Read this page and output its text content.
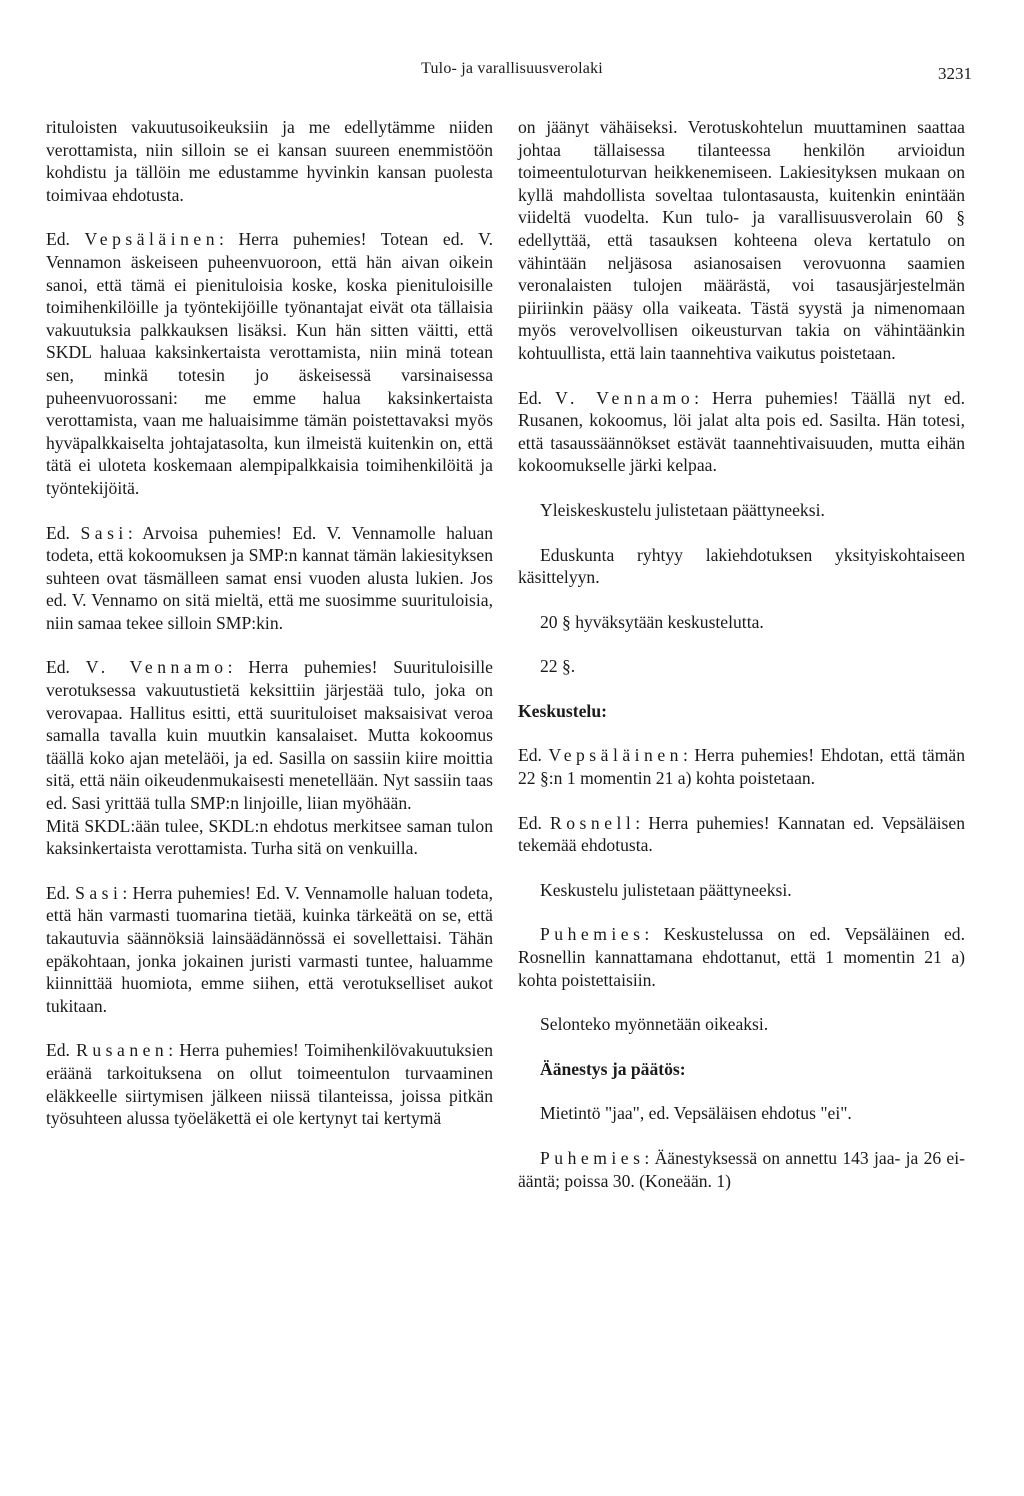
Tulo- ja varallisuusverolaki	3231

rituloisten vakuutusoikeuksiin ja me edellytämme niiden verottamista, niin silloin se ei kansan suureen enemmistöön kohdistu ja tällöin me edustamme hyvinkin kansan puolesta toimivaa ehdotusta.

Ed. Vepsäläinen: Herra puhemies! Totean ed. V. Vennamon äskeiseen puheenvuoroon, että hän aivan oikein sanoi, että tämä ei pienituloisia koske, koska pienituloisille toimihenkilöille ja työntekijöille työnantajat eivät ota tällaisia vakuutuksia palkkauksen lisäksi. Kun hän sitten väitti, että SKDL haluaa kaksinkertaista verottamista, niin minä totean sen, minkä totesin jo äskeisessä varsinaisessa puheenvuorossani: me emme halua kaksinkertaista verottamista, vaan me haluaisimme tämän poistettavaksi myös hyväpalkkaiselta johtajatasolta, kun ilmeistä kuitenkin on, että tätä ei uloteta koskemaan alempipalkkaisia toimihenkilöitä ja työntekijöitä.

Ed. Sasi: Arvoisa puhemies! Ed. V. Vennamolle haluan todeta, että kokoomuksen ja SMP:n kannat tämän lakiesityksen suhteen ovat täsmälleen samat ensi vuoden alusta lukien. Jos ed. V. Vennamo on sitä mieltä, että me suosimme suurituloisia, niin samaa tekee silloin SMP:kin.

Ed. V. Vennamo: Herra puhemies! Suurituloisille verotuksessa vakuutustietä keksittiin järjestää tulo, joka on verovapaa. Hallitus esitti, että suurituloiset maksaisivat veroa samalla tavalla kuin muutkin kansalaiset. Mutta kokoomus täällä koko ajan meteläöi, ja ed. Sasilla on sassiin kiire moittia sitä, että näin oikeudenmukaisesti menetellään. Nyt sassiin taas ed. Sasi yrittää tulla SMP:n linjoille, liian myöhään.

Mitä SKDL:ään tulee, SKDL:n ehdotus merkitsee saman tulon kaksinkertaista verottamista. Turha sitä on venkuilla.

Ed. Sasi: Herra puhemies! Ed. V. Vennamolle haluan todeta, että hän varmasti tuomarina tietää, kuinka tärkeätä on se, että takautuvia säännöksiä lainsäädännössä ei sovellettaisi. Tähän epäkohtaan, jonka jokainen juristi varmasti tuntee, haluamme kiinnittää huomiota, emme siihen, että verotukselliset aukot tukitaan.

Ed. Rusanen: Herra puhemies! Toimihenkilövakuutuksien eräänä tarkoituksena on ollut toimeentulon turvaaminen eläkkeelle siirtymisen jälkeen niissä tilanteissa, joissa pitkän työsuhteen alussa työeläkettä ei ole kertynyt tai kertymä

on jäänyt vähäiseksi. Verotuskohtelun muuttaminen saattaa johtaa tällaisessa tilanteessa henkilön arvioidun toimeentuloturvan heikkenemiseen. Lakiesityksen mukaan on kyllä mahdollista soveltaa tulontasausta, kuitenkin enintään viideltä vuodelta. Kun tulo- ja varallisuusverolain 60 § edellyttää, että tasauksen kohteena oleva kertatulo on vähintään neljäsosa asianosaisen verovuonna saamien veronalaisten tulojen määrästä, voi tasausjärjestelmän piiriinkin pääsy olla vaikeata. Tästä syystä ja nimenomaan myös verovelvollisen oikeusturvan takia on vähintäänkin kohtuullista, että lain taannehtiva vaikutus poistetaan.

Ed. V. Vennamo: Herra puhemies! Täällä nyt ed. Rusanen, kokoomus, löi jalat alta pois ed. Sasilta. Hän totesi, että tasaussäännökset estävät taannehtivaisuuden, mutta eihän kokoomukselle järki kelpaa.

Yleiskeskustelu julistetaan päättyneeksi.

Eduskunta ryhtyy lakiehdotuksen yksityiskohtaiseen käsittelyyn.

20 § hyväksytään keskustelutta.

22 §.

Keskustelu:

Ed. Vepsäläinen: Herra puhemies! Ehdotan, että tämän 22 §:n 1 momentin 21 a) kohta poistetaan.

Ed. Rosnell: Herra puhemies! Kannatan ed. Vepsäläisen tekemää ehdotusta.

Keskustelu julistetaan päättyneeksi.

Puhemies: Keskustelussa on ed. Vepsäläinen ed. Rosnellin kannattamana ehdottanut, että 1 momentin 21 a) kohta poistettaisiin.

Selonteko myönnetään oikeaksi.

Äänestys ja päätös:

Mietintö "jaa", ed. Vepsäläisen ehdotus "ei".

Puhemies: Äänestyksessä on annettu 143 jaa- ja 26 ei-ääntä; poissa 30. (Koneään. 1)
